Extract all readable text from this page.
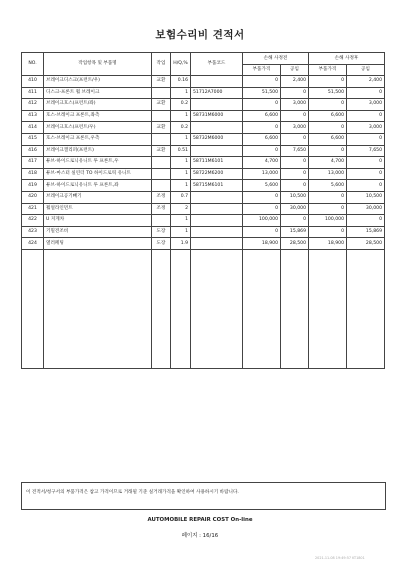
보험수리비 견적서
NO.	작업항목 및 부품명	작업	H/Q,%	부품코드	손해 사정전		손해 사정후	
					부품가격	공임	부품가격	공임
410	브레이크디스크(프런트/우)	교환	0.16		0	2,400	0	2,400
411	디스크-프론트 휠 브레이크		1	51712A7000	51,500	0	51,500	0
412	브레이크호스(프런트/좌)	교환	0.2		0	3,000	0	3,000
413	호스-브레이크 프론트,좌측		1	58731M6000	6,600	0	6,600	0
414	브레이크호스(프런트/우)	교환	0.2		0	3,000	0	3,000
415	호스-브레이크 프론트,우측		1	58732M6000	6,600	0	6,600	0
416	브레이크캘리퍼(프런트)	교환	0.51		0	7,650	0	7,650
417	튜브-하이드로닉유니트 투 프론트,우		1	58711M6101	4,700	0	4,700	0
418	튜브-마스터 실린더 TO 하이드로릭 유니트		1	58722M6200	13,000	0	13,000	0
419	튜브-하이드로닉유니트 투 프론트,좌		1	58715M6101	5,600	0	5,600	0
420	브레이크공기빼기	조정	0.7		0	10,500	0	10,500
421	휠얼라인먼트	조정	2		0	30,000	0	30,000
422	U 지게차		1		100,000	0	100,000	0
423	기밀견조비	도장	1		0	15,869	0	15,869
424	열러페팅	도장	1.9		18,900	28,500	18,900	28,500

이 견적서/청구서의 부품가격은 참고 가격이므로 거래될 기준 실거래가격을 확인하여 사용하시기 바랍니다.
AUTOMOBILE REPAIR COST On-line
페이지 : 16/16
2021-11-08 19:49:57 KT1801
